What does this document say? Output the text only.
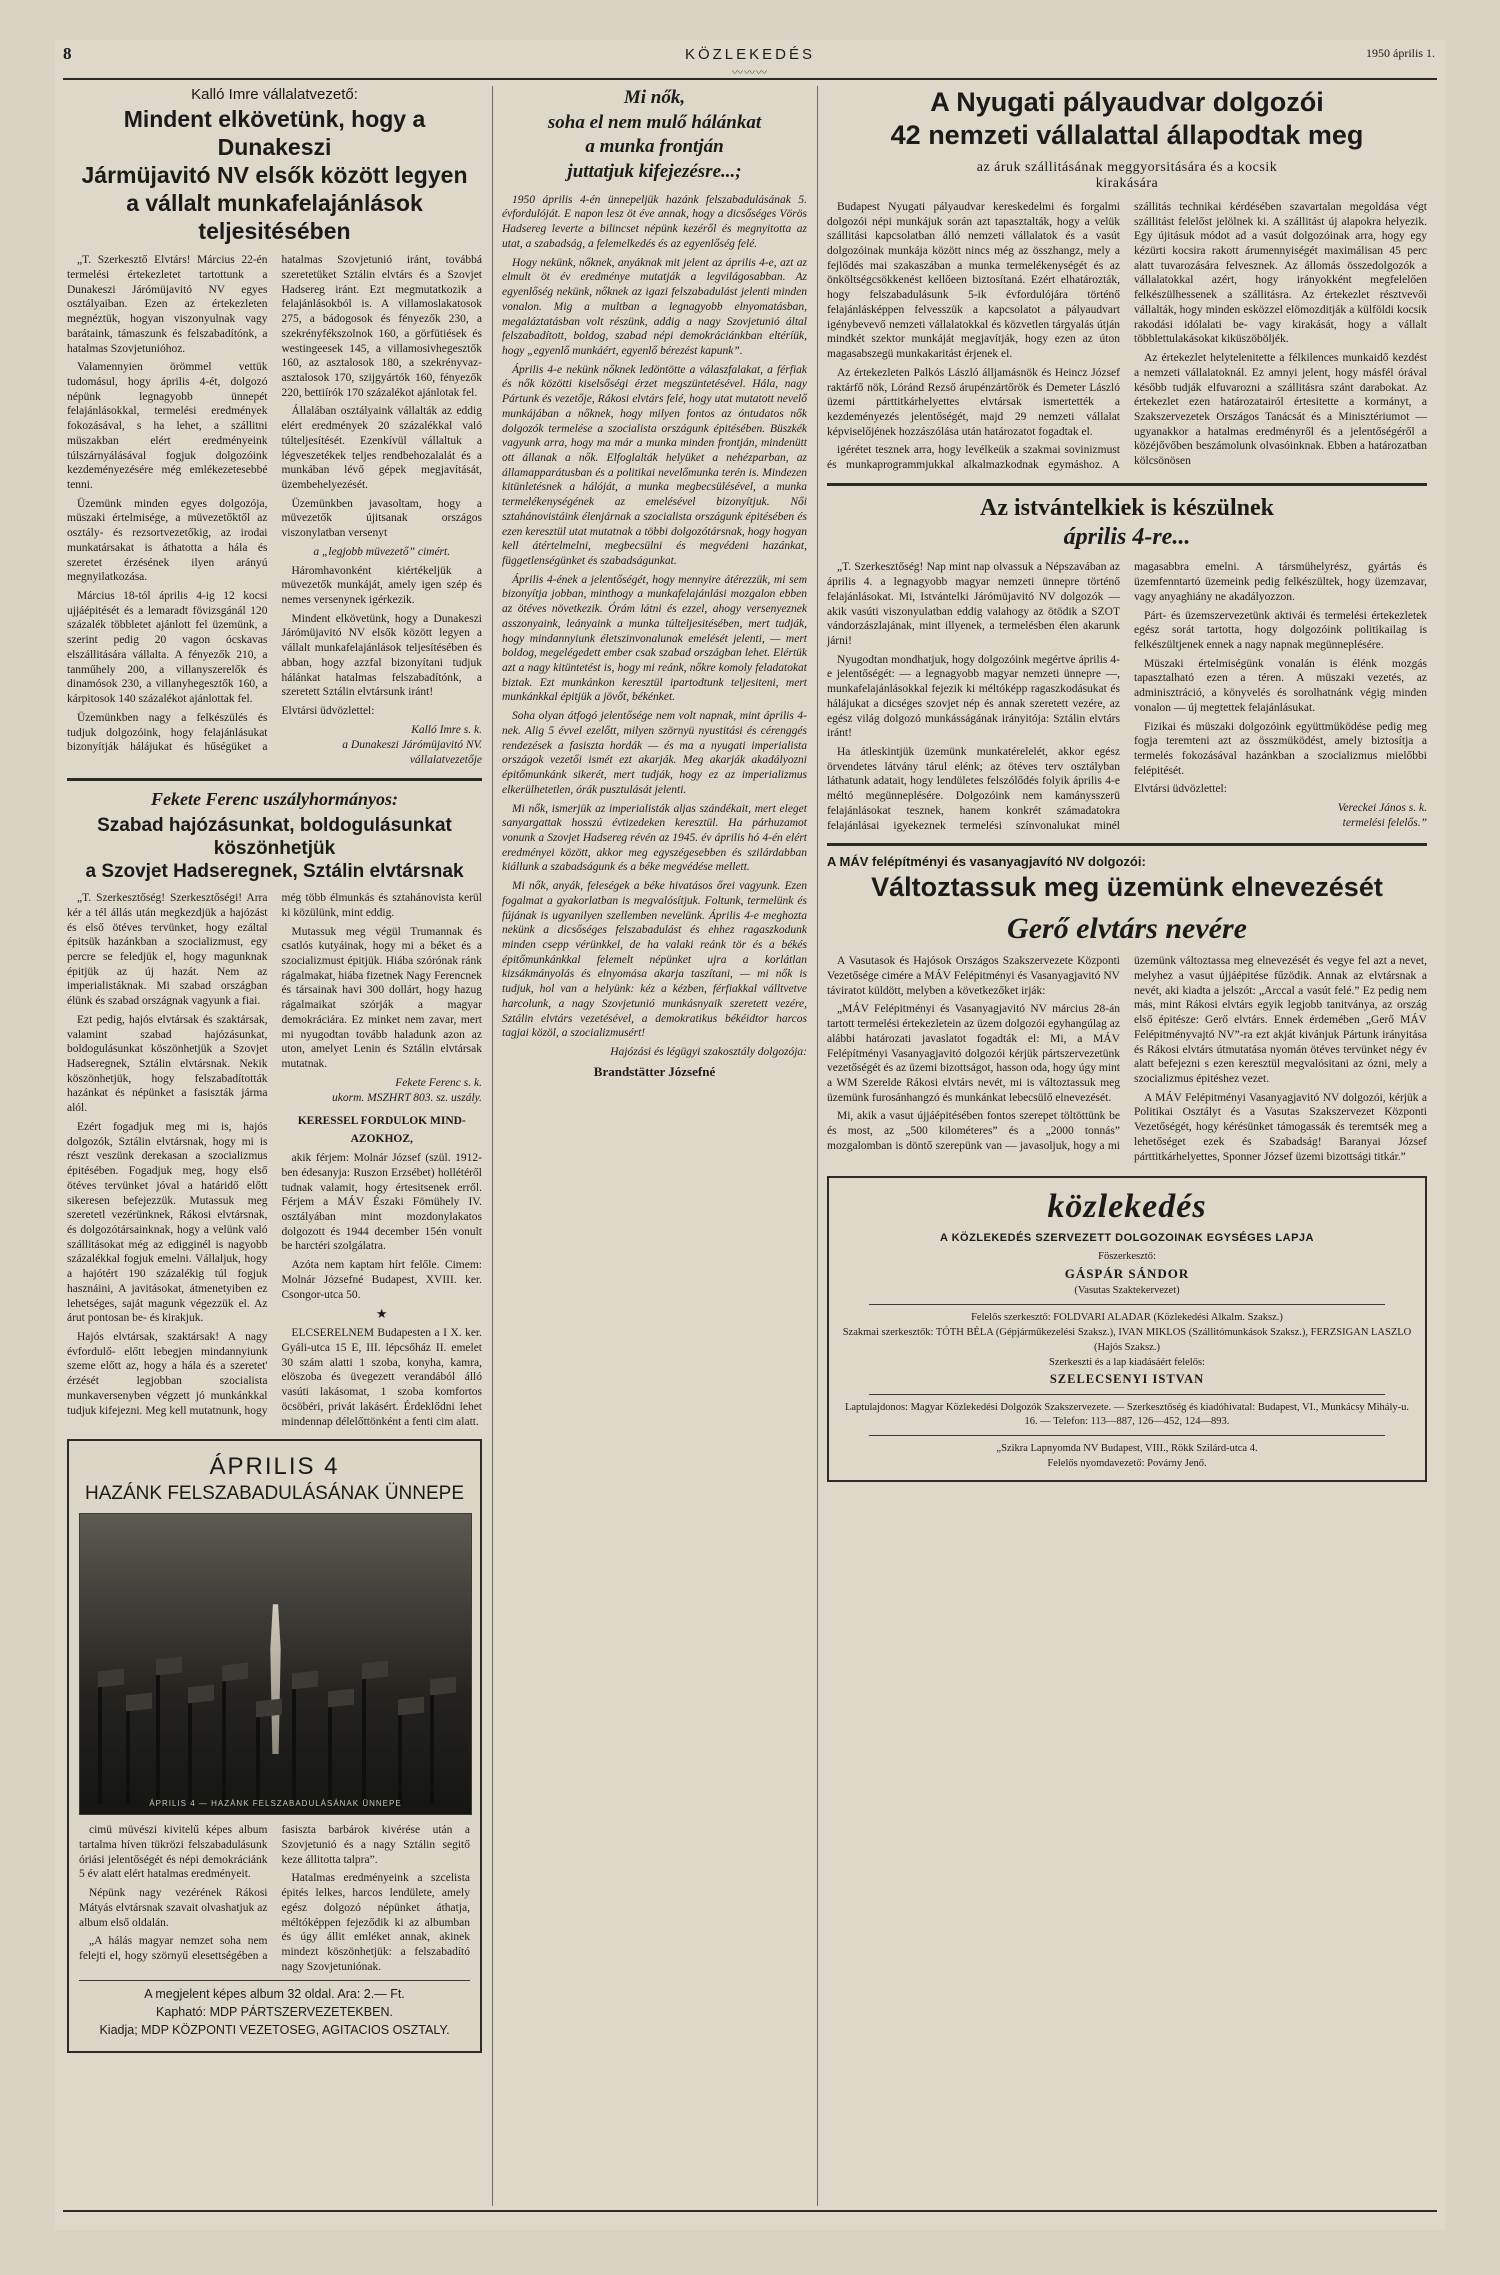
8	KÖZLEKEDÉS	1950 április 1.
〰〰〰
Kalló Imre vállalatvezető:
Mindent elkövetünk, hogy a Dunakeszi
Jármüjavitó NV elsők között legyen
a vállalt munkafelajánlások
teljesitésében

„T. Szerkesztő Elvtárs! Március 22-én termelési értekezletet tartottunk a Dunakeszi Járómüjavitó NV egyes osztályaiban. Ezen az értekezleten megnéztük, hogyan viszonyulnak vagy barátaink, támaszunk és felszabadítónk, a hatalmas Szovjetunióhoz.

Valamennyien örömmel vettük tudomásul, hogy április 4-ét, dolgozó népünk legnagyobb ünnepét felajánlásokkal, termelési eredmények fokozásával, s ha lehet, a szállitni müszakban elért eredményeink túlszárnyálásával fogjuk dolgozóink kezdeményezésére még emlékezetesebbé tenni.

Üzemünk minden egyes dolgozója, müszaki értelmisége, a müvezetőktől az osztály- és rezsortvezetőkig, az irodai munkatársakat is áthatotta a hála és szeretet érzésének ilyen arányú megnyilatkozása.

Március 18-tól április 4-ig 12 kocsi ujjáépitését és a lemaradt fövizsgánál 120 százalék többletet ajánlott fel üzemünk, a szerint pedig 20 vagon ócskavas elszállitására vállalta. A fényezők 210, a tanműhely 200, a villanyszerelők és dinamósok 230, a villanyhegesztők 160, a kárpitosok 140 százalékot ajánlottak fel.

Üzemünkben nagy a felkészülés és tudjuk dolgozóink, hogy felajánlásukat bizonyítják hálájukat és hűségüket a hatalmas Szovjetunió iránt, továbbá szeretetüket Sztálin elvtárs és a Szovjet Hadsereg iránt. Ezt megmutatkozik a felajánlásokból is. A villamoslakatosok 275, a bádogosok és fényezők 230, a szekrényfékszolnok 160, a görfütiések és westingeesek 145, a villamosivhegesztők 160, az asztalosok 180, a szekrényvaz-asztalosok 170, szijgyártók 160, fényezők 220, bettiírók 170 százalékot ajánlotak fel.

Állalában osztályaink vállalták az eddig elért eredmények 20 százalékkal való túlteljesítését. Ezenkívül vállaltuk a légveszetékek teljes rendbehozalalát és a munkában lévő gépek megjavítását, üzembehelyezését.

Üzemünkben javasoltam, hogy a müvezetők újitsanak országos viszonylatban versenyt

a „legjobb müvezető” cimért.

Háromhavonként kiértékeljük a müvezetők munkáját, amely igen szép és nemes versenynek igérkezik.

Mindent elkövetünk, hogy a Dunakeszi Járómüjavitó NV elsők között legyen a vállalt munkafelajánlások teljesítésében és abban, hogy azzfal bizonyítani tudjuk hálánkat hatalmas felszabadítónk, a szeretett Sztálin elvtársunk iránt!

Elvtársi üdvözlettel:

Kalló Imre s. k.
a Dunakeszi Járómüjavitó NV.
vállalatvezetője
Fekete Ferenc uszályhormányos:
Szabad hajózásunkat, boldogulásunkat köszönhetjük
a Szovjet Hadseregnek, Sztálin elvtársnak

„T. Szerkesztőség! Szerkesztőségi! Arra kér a tél állás után megkezdjük a hajózást és első ötéves tervünket, hogy ezáltal épitsük hazánkban a szocializmust, egy percre se feledjük el, hogy magunknak épitjük az új hazát. Nem az imperialistáknak. Mi szabad országban élünk és szabad országnak vagyunk a fiai.

Ezt pedig, hajós elvtársak és szaktársak, valamint szabad hajózásunkat, boldogulásunkat köszönhetjük a Szovjet Hadseregnek, Sztálin elvtársnak. Nekik köszönhetjük, hogy felszabadították hazánkat és népünket a fasiszták járma alól.

Ezért fogadjuk meg mi is, hajós dolgozók, Sztálin elvtársnak, hogy mi is részt veszünk derekasan a szocializmus épitésében. Fogadjuk meg, hogy első ötéves tervünket jóval a határidő előtt sikeresen befejezzük. Mutassuk meg szeretetl vezérünknek, Rákosi elvtársnak, és dolgozótársainknak, hogy a velünk való szállitásokat még az edigginél is nagyobb százalékkal fogjuk emelni. Vállaljuk, hogy a hajótért 190 százalékig túl fogjuk hasznáini, A javitásokat, átmenetyiben ez lehetséges, saját magunk végezzük el. Az árut pontosan be- és kirakjuk.

Hajós elvtársak, szaktársak! A nagy évfordulő- előtt lebegjen mindannyiunk szeme előtt az, hogy a hála és a szeretet' érzését legjobban szocialista munkaversenyben végzett jó munkánkkal tudjuk kifejezni. Meg kell mutatnunk, hogy még több élmunkás és sztahánovista kerül ki közülünk, mint eddig.

Mutassuk meg végül Trumannak és csatlós kutyáinak, hogy mi a béket és a szocializmust épitjük. Hiába szórónak ránk rágalmakat, hiába fizetnek Nagy Ferencnek és társainak havi 300 dollárt, hogy hazug rágalmaikat szórják a magyar demokráciára. Ez minket nem zavar, mert mi nyugodtan tovább haladunk azon az uton, amelyet Lenin és Sztálin elvtársak mutatnak.

Fekete Ferenc s. k.
ukorm. MSZHRT 803. sz. uszály.

KERESSEL FORDULOK MIND-

AZOKHOZ,

akik férjem: Molnár József (szül. 1912-ben édesanyja: Ruszon Erzsébet) hollétéről tudnak valamit, hogy értesitsenek erről. Férjem a MÁV Északi Fömühely IV. osztályában mint mozdonylakatos dolgozott és 1944 december 15én vonult be harctéri szolgálatra.

Azóta nem kaptam hírt felőle. Cimem: Molnár Józsefné Budapest, XVIII. ker. Csongor-utca 50.

★

ELCSERELNEM Budapesten a I X. ker. Gyáli-utca 15 E, III. lépcsőház II. emelet 30 szám alatti 1 szoba, konyha, kamra, elöszoba és üvegezett verandából álló vasúti lakásomat, 1 szoba komfortos öcsöbéri, privát lakásért. Érdeklődni lehet mindennap délelőttönként a fenti cim alatt.

ÁPRILIS 4
HAZÁNK FELSZABADULÁSÁNAK ÜNNEPE
ÁPRILIS 4 — HAZÁNK FELSZABADULÁSÁNAK ÜNNEPE

cimü müvészi kivitelű képes album tartalma híven tükrözi felszabadulásunk óriási jelentőségét és népi demokráciánk 5 év alatt elért hatalmas eredményeit.

Népünk nagy vezérének Rákosi Mátyás elvtársnak szavait olvashatjuk az album első oldalán.

„A hálás magyar nemzet soha nem felejti el, hogy szörnyű elesettségében a fasiszta barbárok kivérése után a Szovjetunió és a nagy Sztálin segitő keze állitotta talpra”.

Hatalmas eredményeink a szcelista épités lelkes, harcos lendülete, amely egész dolgozó népünket áthatja, méltóképpen fejeződik ki az albumban és úgy állit emléket annak, akinek mindezt köszönhetjük: a felszabadító nagy Szovjetuniónak.

A megjelent képes album 32 oldal. Ara: 2.— Ft.
Kapható: MDP PÁRTSZERVEZETEKBEN.
Kiadja; MDP KÖZPONTI VEZETOSEG, AGITACIOS OSZTALY.
Mi nők,
soha el nem mulő hálánkat
a munka frontján
juttatjuk kifejezésre...;

1950 április 4-én ünnepeljük hazánk felszabadulásának 5. évfordulóját. E napon lesz öt éve annak, hogy a dicsőséges Vörös Hadsereg leverte a bilincset népünk kezéről és megnyitotta az utat, a szabadság, a felemelkedés és az egyenlőség felé.

Hogy nekünk, nőknek, anyáknak mit jelent az április 4-e, azt az elmult öt év eredménye mutatják a legvilágosabban. Az egyenlőség nekünk, nőknek az igazi felszabadulást jelenti minden vonalon. Mig a multban a legnagyobb elnyomatásban, megaláztatásban volt részünk, addig a nagy Szovjetunió által felszabadított, boldog, szabad népi demokráciánkban eltéríük, hogy „egyenlő munkáért, egyenlő bérezést kapunk”.

Április 4-e nekünk nőknek ledöntötte a válaszfalakat, a férfiak és nők közötti kiselsőségi érzet megszüntetésével. Hála, nagy Pártunk és vezetője, Rákosi elvtárs felé, hogy utat mutatott nevelő munkájában a nőknek, hogy milyen fontos az óntudatos nők dolgozók termelése a szocialista országunk épitésében. Büszkék vagyunk arra, hogy ma már a munka minden frontján, mindenütt ott állanak a nők. Elfoglalták helyüket a nehézparban, az államapparátusban és a politikai nevelőmunka terén is. Mindezen kitünletésnek a hálóját, a munka megbecsülésével, a munka termelékenységének az emelésével bizonyítjuk. Női sztahánovistáink élenjárnak a szocialista országunk épitésében és ezen keresztül utat mutatnak a többi dolgozótársnak, hogy hogyan kell átértelmelni, megbecsülni és megvédeni hazánkat, függetlenségünket és szabadságunkat.

Április 4-ének a jelentőségét, hogy mennyire átérezzük, mi sem bizonyítja jobban, minthogy a munkafelajánlási mozgalon ebben az ötéves növetkezik. Órám látni és ezzel, ahogy versenyeznek asszonyaink, leányaink a munka túlteljesitésében, mert tudják, hogy mindannyiunk életszinvonalunak emelését jelenti, — mert boldog, megelégedett ember csak szabad országban lehet. Elértük azt a nagy kitüntetést is, hogy mi reánk, nőkre komoly feladatokat biztak. Ezt munkánkon keresztül ipartodtunk teljesiteni, mert munkánkkal épitjük a jövőt, békénket.

Soha olyan átfogó jelentősége nem volt napnak, mint április 4-nek. Alig 5 évvel ezelőtt, milyen szörnyü nyustitási és cérenggés rendezések a fasiszta hordák — és ma a nyugati imperialista országok vezetői ismét ezt akarják. Meg akarják akadályozni épitőmunkánk sikerét, mert tudják, hogy ez az imperializmus elkerülhetetlen, órák pusztulását jelenti.

Mi nők, ismerjük az imperialisták aljas szándékait, mert eleget sanyargattak hosszú évtizedeken keresztül. Ha párhuzamot vonunk a Szovjet Hadsereg révén az 1945. év április hó 4-én elért eredményei között, akkor meg egyszégesebben és szilárdabban kiállunk a szabadságunk és a béke megvédése mellett.

Mi nők, anyák, feleségek a béke hivatásos őrei vagyunk. Ezen fogalmat a gyakorlatban is megvalósítjuk. Foltunk, termelünk és fújának is ugyanilyen szellemben nevelünk. Április 4-e meghozta nekünk a dicsőséges felszabadulást és ehhez ragaszkodunk minden csepp vérünkkel, de ha valaki reánk tör és a békés épitőmunkánkkal felemelt népünket ujra a korlátlan kizsákmányolás és elnyomása akarja taszítani, — mi nők is tudjuk, hol van a helyünk: kéz a kézben, férfiakkal válltvetve harcolunk, a nagy Szovjetunió munkásnyaik szeretett vezére, Sztálin elvtárs vezetésével, a demokratikus békéidtor harcos tagjai közöl, a szocializmusért!

Hajózási és légügyi szakosztály dolgozója:
Brandstätter Józsefné
A Nyugati pályaudvar dolgozói
42 nemzeti vállalattal állapodtak meg
az áruk szállitásának meggyorsitására és a kocsik
kirakására

Budapest Nyugati pályaudvar kereskedelmi és forgalmi dolgozói népi munkájuk során azt tapasztalták, hogy a velük szállitási kapcsolatban álló nemzeti vállalatok és a vasút dolgozóinak munkája között nincs még az összhangz, mely a fejlődés mai szakaszában a munka termelékenységét és az önköltségcsökkenést kellőeen biztosítaná. Ezért elhatározták, hogy felszabadulásunk 5-ik évfordulójára történő felajánlásképpen felvesszük a kapcsolatot a pályaudvart igénybevevő nemzeti vállalatokkal és közvetlen tárgyalás útján mindkét szektor munkáját megjavítják, hogy ezen az úton magasabszegü munkakaritást érjenek el.

Az értekezleten Palkós László álljamásnök és Heincz József raktárfő nök, Lóránd Rezső árupénzártőrök és Demeter László üzemi párttitkárhelyettes elvtársak ismertették a kezdeményezés jelentőségét, majd 29 nemzeti vállalat képviselőjének hozzászólása után határozatot fogadtak el.

igérétet tesznek arra, hogy levélkeük a szakmai sovinizmust és munkaprogrammjukkal alkalmazkodnak egymáshoz. A szállitás technikai kérdésében szavartalan megoldása végt szállitást felelőst jelölnek ki. A szállitást új alapokra helyezik. Egy újitásuk módot ad a vasút dolgozóinak arra, hogy egy kézürti kocsira rakott árumennyiségét maximálisan 45 perc alatt tuvarozására felvesznek. Az állomás összedolgozók a vállalatokkal azért, hogy irányokként megfelelően felkészülhessenek a szállitásra. Az értekezlet résztvevői vállalták, hogy minden esközzel elömozditják a külföldi kocsik rakodási idólalati be- vagy kirakását, hogy a vállalt többlettulakásokat kiküszöböljék.

Az értekezlet helytelenitette a félkilences munkaidő kezdést a nemzeti vállalatoknál. Ez amnyi jelent, hogy másfél órával később tudják elfuvarozni a szállitásra szánt darabokat. Az értekezlet ezen határozatairól értesitette a kormányt, a Szakszervezetek Országos Tanácsát és a Minisztériumot — ugyanakkor a hatalmas eredményről és a jelentőségéről a közéjővőben beszámolunk olvasóinknak. Ebben a határozatban kölcsönösen

Az istvántelkiek is készülnek
április 4-re...

„T. Szerkesztőség! Nap mint nap olvassuk a Népszavában az április 4. a legnagyobb magyar nemzeti ünnepre történő felajánlásokat. Mi, Istvántelki Járómüjavitó NV dolgozók — akik vasúti viszonyulatban eddig valahogy az ötödik a SZOT vándorzászlajának, mint illyenek, a termelésben élen akarunk járni!

Nyugodtan mondhatjuk, hogy dolgozóink megértve április 4-e jelentőségét: — a legnagyobb magyar nemzeti ünnepre —, munkafelajánlásokkal fejezik ki méltóképp ragaszkodásukat és hálájukat a dicséges szovjet nép és annak szeretett vezére, az egész világ dolgozó munkásságának irányitója: Sztálin elvtárs iránt!

Ha átleskintjük üzemünk munkatérelelét, akkor egész örvendetes látvány tárul elénk; az ötéves terv osztályban láthatunk adatait, hogy lendületes felszólődés folyik április 4-e méltó megünneplésére. Dolgozóink nem kamánysszerü felajánlásokat tesznek, hanem konkrét számadatokra felajánlásai igyekeznek termelési színvonalukat minél magasabbra emelni. A társmühelyrész, gyártás és üzemfenntartó üzemeink pedig felkészültek, hogy üzemzavar, vagy anyaghiány ne akadályozzon.

Párt- és üzemszervezetünk aktivái és termelési értekezletek egész sorát tartotta, hogy dolgozóink politikailag is felkészültjenek ennek a nagy napnak megünneplésére.

Müszaki értelmiségünk vonalán is élénk mozgás tapasztalható ezen a téren. A müszaki vezetés, az adminisztráció, a könyvelés és sorolhatnánk végig minden vonalon — új megtettek felajánlásukat.

Fizikai és müszaki dolgozóink együttmüködése pedig meg fogja teremteni azt az összmüködést, amely biztosítja a termelés fokozásával hazánkban a szocializmus mielőbbi felépitését.

Elvtársi üdvözlettel:

Vereckei János s. k.
termelési felelős.”
A MÁV felépítményi és vasanyagjavító NV dolgozói:
Változtassuk meg üzemünk elnevezését
Gerő elvtárs nevére

A Vasutasok és Hajósok Országos Szakszervezete Központi Vezetősége cimére a MÁV Felépitményi és Vasanyagjavitó NV táviratot küldött, melyben a következőket irják:

„MÁV Felépitményi és Vasanyagjavitó NV március 28-án tartott termelési értekezletein az üzem dolgozói egyhangúlag az alábbi határozati javaslatot fogadták el: Mi, a MÁV Felépítményi Vasanyagjavitó dolgozói kérjük pártszervezetünk vezetőségét és az üzemi bizottságot, hasson oda, hogy úgy mint a WM Szerelde Rákosi elvtárs nevét, mi is változtassuk meg üzemünk furosánhangzó és munkánkat lebecsülő elnevezését.

Mi, akik a vasut újjáépitésében fontos szerepet töltöttünk be és most, az „500 kilométeres” és a „2000 tonnás” mozgalomban is döntő szerepünk van — javasoljuk, hogy a mi üzemünk változtassa meg elnevezését és vegye fel azt a nevet, melyhez a vasut újjáépitése fűzödik. Annak az elvtársnak a nevét, aki kiadta a jelszót: „Arccal a vasút felé.” Ez pedig nem más, mint Rákosi elvtárs egyik legjobb tanitványa, az ország első épitésze: Gerő elvtárs. Ennek érdemében „Gerő MÁV Felépitményvajtó NV”-ra ezt akját kivánjuk Pártunk irányitása és Rákosi elvtárs útmutatása nyomán ötéves tervünket négy év alatt befejezni s ezen keresztül megvalósitani az ózni, mely a szocializmus épitéshez vezet.

A MÁV Felépitményi Vasanyagjavitó NV dolgozói, kérjük a Politikai Osztályt és a Vasutas Szakszervezet Központi Vezetőségét, hogy kérésünket támogassák és teremtsék meg a lehetőséget ezek és Szabadság! Baranyai József párttitkárhelyettes, Sponner József üzemi bizottsági titkár.”

közlekedés
A KÖZLEKEDÉS SZERVEZETT DOLGOZOINAK EGYSÉGES LAPJA
Föszerkesztő:
GÁSPÁR SÁNDOR
(Vasutas Szaktekervezet)
Felelős szerkesztő: FOLDVARI ALADAR (Közlekedési Alkalm. Szaksz.)
Szakmai szerkesztők: TÓTH BÉLA (Gépjárműkezelési Szaksz.), IVAN MIKLOS (Szállitómunkások Szaksz.), FERZSIGAN LASZLO (Hajós Szaksz.)
Szerkeszti és a lap kiadásáért felelős:
SZELECSENYI ISTVAN
Laptulajdonos: Magyar Közlekedési Dolgozók Szakszervezete. — Szerkesztőség és kiadóhivatal: Budapest, VI., Munkácsy Mihály-u. 16. — Telefon: 113—887, 126—452, 124—893.
„Szikra Lapnyomda NV Budapest, VIII., Rökk Szilárd-utca 4.
Felelős nyomdavezető: Povárny Jenő.
